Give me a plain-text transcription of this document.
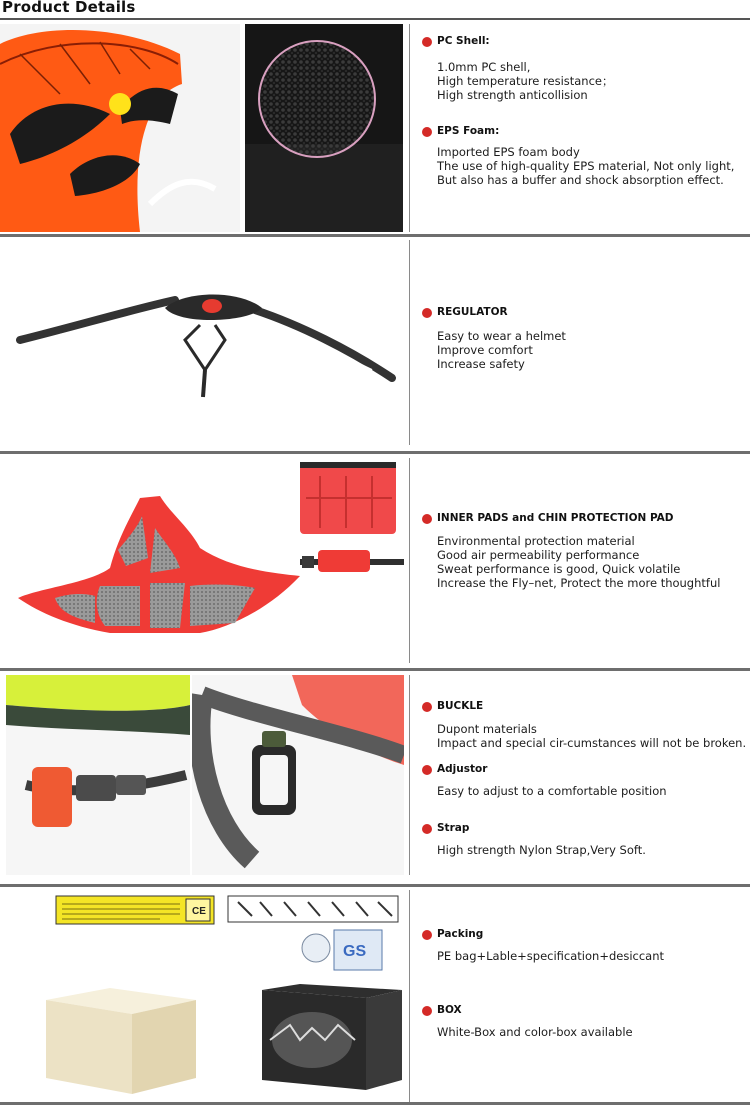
Product Details
PC Shell:
1.0mm PC shell,
High temperature resistance；
High strength anticollision
EPS Foam:
Imported EPS foam body
The use of high-quality EPS material, Not only light,
But also has a buffer and shock absorption effect.
REGULATOR
Easy to wear a helmet
Improve comfort
Increase safety
INNER PADS and CHIN PROTECTION PAD
Environmental protection material
Good air permeability performance
Sweat performance is good, Quick volatile
Increase the Fly–net, Protect the more thoughtful
BUCKLE
Dupont materials
Impact and special cir-cumstances will not be broken.
Adjustor
Easy to adjust to a comfortable position
Strap
High strength Nylon Strap,Very Soft.
CE
GS
Packing
PE bag+Lable+specification+desiccant
BOX
White-Box and color-box available
